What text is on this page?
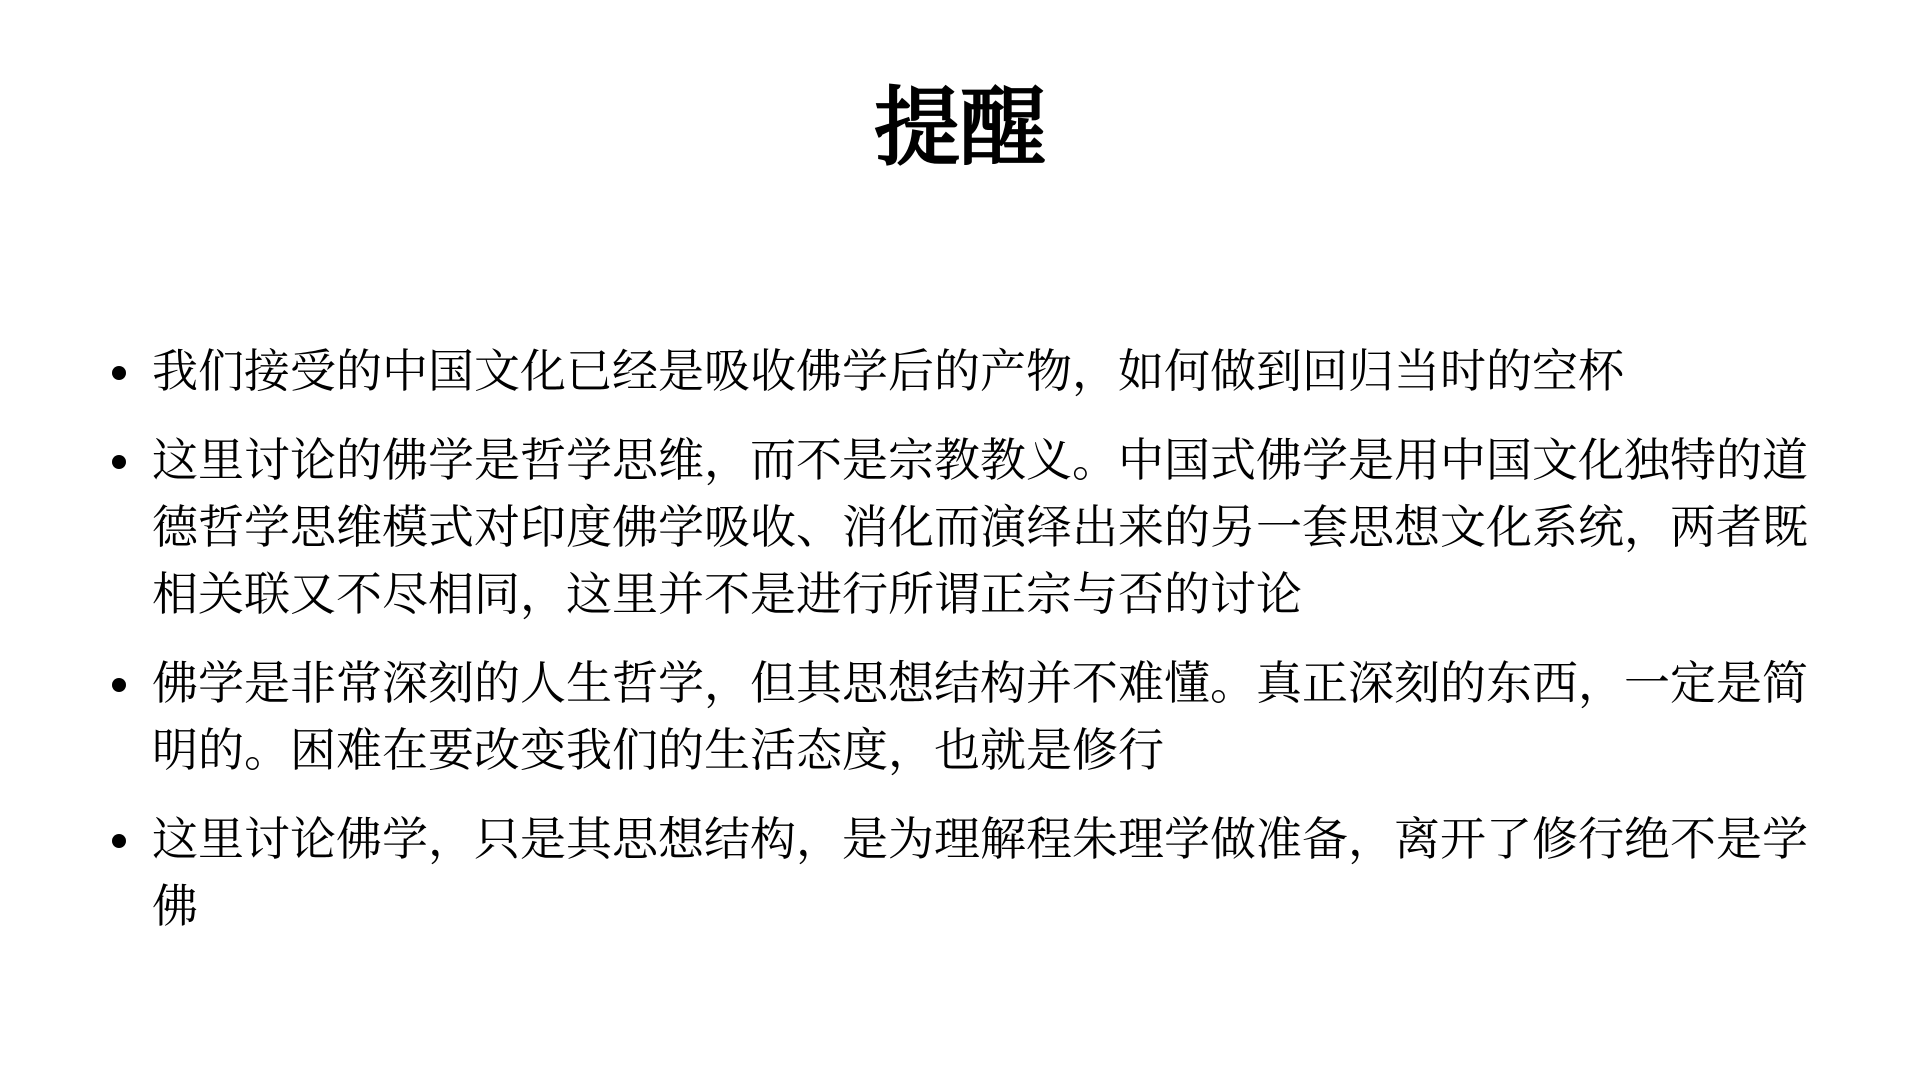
提醒
我们接受的中国文化已经是吸收佛学后的产物，如何做到回归当时的空杯
这里讨论的佛学是哲学思维，而不是宗教教义。中国式佛学是用中国文化独特的道德哲学思维模式对印度佛学吸收、消化而演绎出来的另一套思想文化系统，两者既相关联又不尽相同，这里并不是进行所谓正宗与否的讨论
佛学是非常深刻的人生哲学，但其思想结构并不难懂。真正深刻的东西，一定是简明的。困难在要改变我们的生活态度，也就是修行
这里讨论佛学，只是其思想结构，是为理解程朱理学做准备，离开了修行绝不是学佛
